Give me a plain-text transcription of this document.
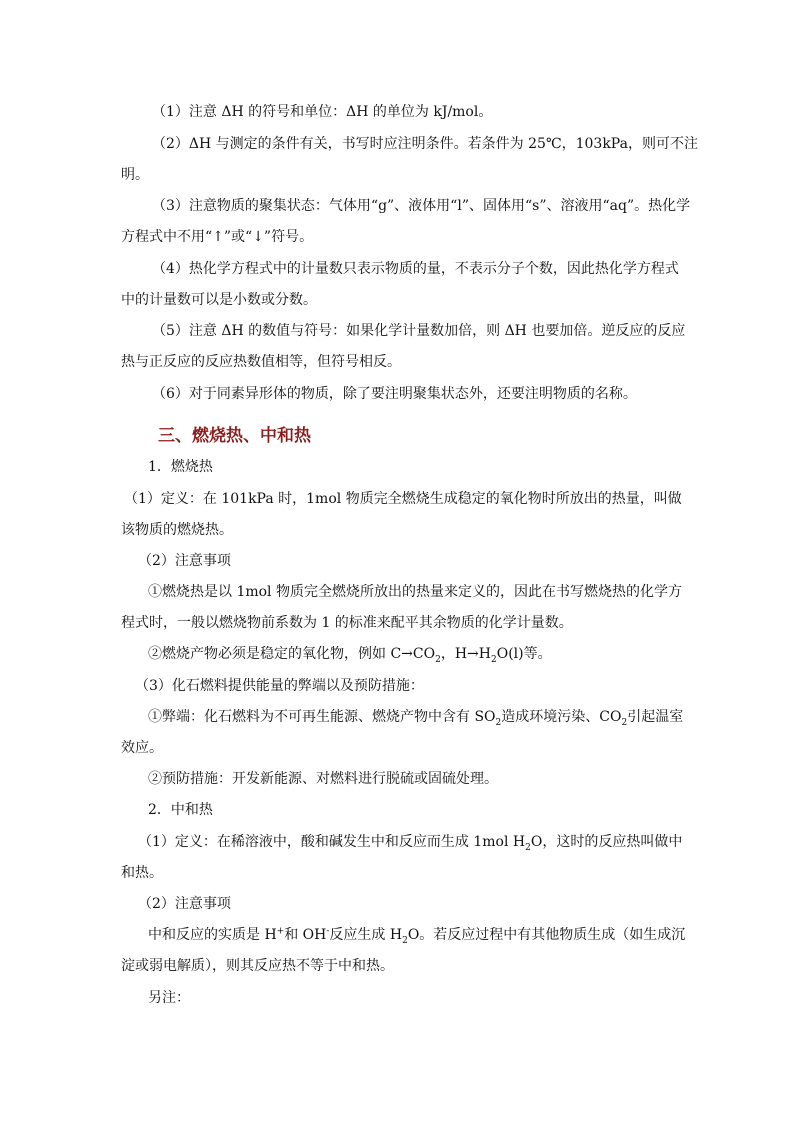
（1）注意 ΔH 的符号和单位：ΔH 的单位为 kJ/mol。
（2）ΔH 与测定的条件有关，书写时应注明条件。若条件为 25℃，103kPa，则可不注
明。
（3）注意物质的聚集状态：气体用“g”、液体用“l”、固体用“s”、溶液用“aq”。热化学
方程式中不用“↑”或“↓”符号。
（4）热化学方程式中的计量数只表示物质的量，不表示分子个数，因此热化学方程式
中的计量数可以是小数或分数。
（5）注意 ΔH 的数值与符号：如果化学计量数加倍，则 ΔH 也要加倍。逆反应的反应
热与正反应的反应热数值相等，但符号相反。
（6）对于同素异形体的物质，除了要注明聚集状态外，还要注明物质的名称。
三、燃烧热、中和热
1．燃烧热
（1）定义：在 101kPa 时，1mol 物质完全燃烧生成稳定的氧化物时所放出的热量，叫做
该物质的燃烧热。
（2）注意事项
①燃烧热是以 1mol 物质完全燃烧所放出的热量来定义的，因此在书写燃烧热的化学方
程式时，一般以燃烧物前系数为 1 的标准来配平其余物质的化学计量数。
②燃烧产物必须是稳定的氧化物，例如 $C\to CO_2$，$H\to H_2O(l)$等。
（3）化石燃料提供能量的弊端以及预防措施：
①弊端：化石燃料为不可再生能源、燃烧产物中含有 $SO_2$造成环境污染、$CO_2$引起温室
效应。
②预防措施：开发新能源、对燃料进行脱硫或固硫处理。
2．中和热
（1）定义：在稀溶液中，酸和碱发生中和反应而生成 1mol $H_2O$，这时的反应热叫做中
和热。
（2）注意事项
中和反应的实质是 H+和 OH-反应生成 $H_2O$。若反应过程中有其他物质生成（如生成沉
淀或弱电解质），则其反应热不等于中和热。
另注：
